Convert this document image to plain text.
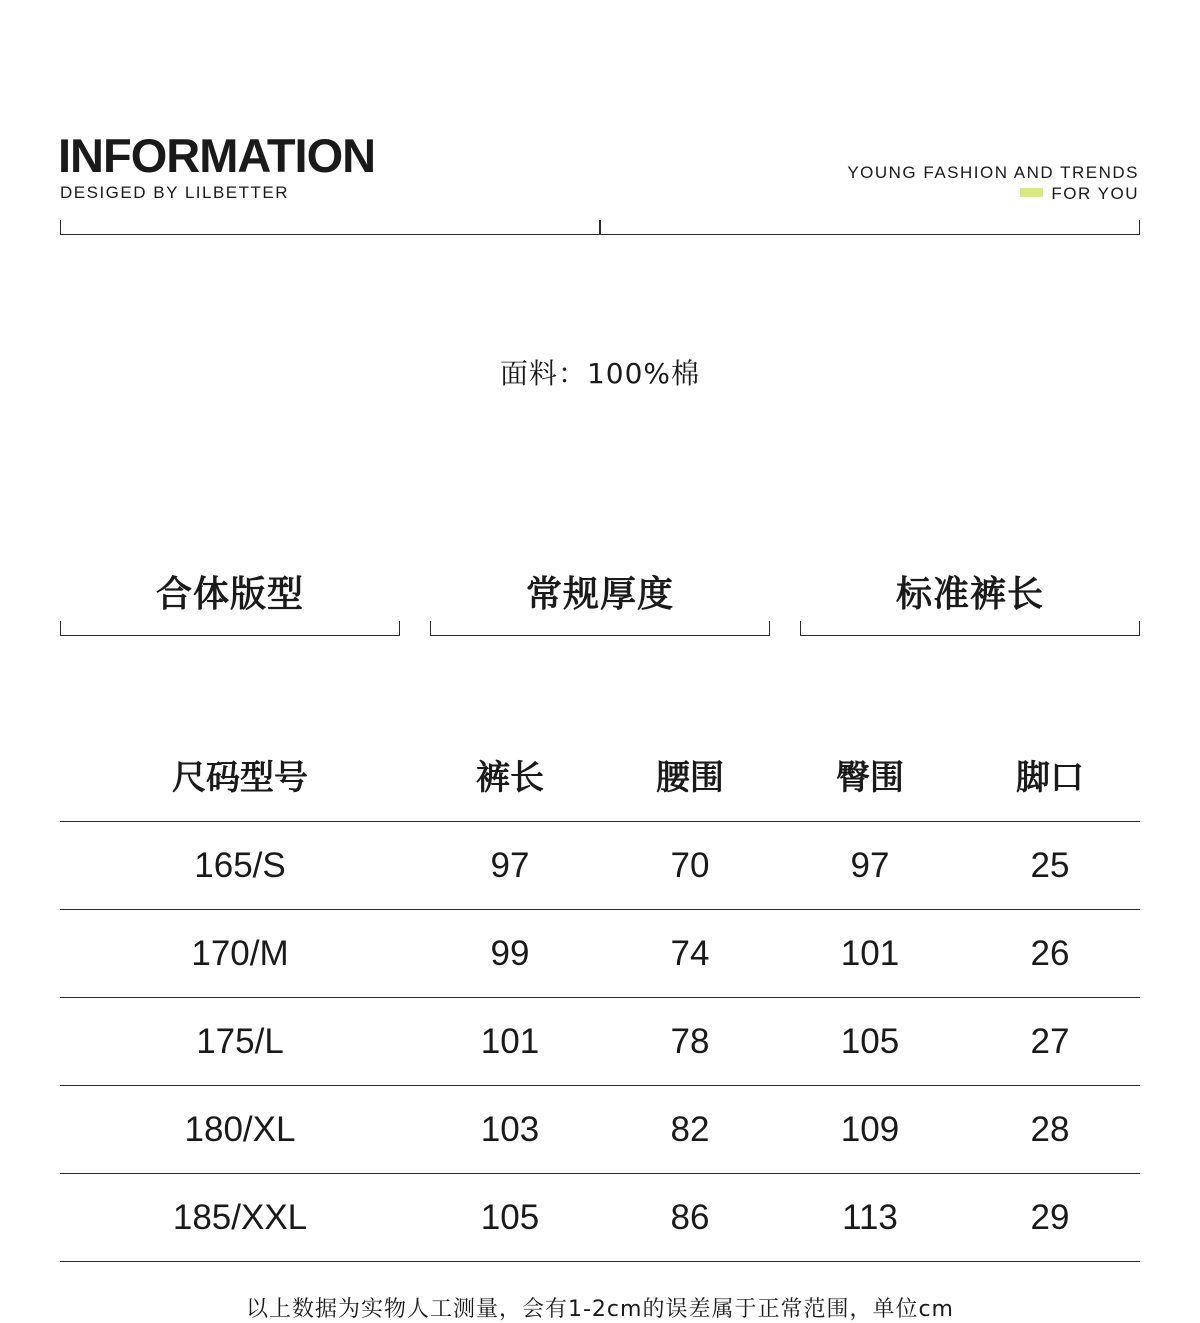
INFORMATION
DESIGED BY LILBETTER
YOUNG FASHION AND TRENDS
FOR YOU
面料：100%棉
合体版型	常规厚度	标准裤长
尺码型号	裤长	腰围	臀围	脚口
165/S	97	70	97	25
170/M	99	74	101	26
175/L	101	78	105	27
180/XL	103	82	109	28
185/XXL	105	86	113	29
以上数据为实物人工测量，会有1-2cm的误差属于正常范围，单位cm
